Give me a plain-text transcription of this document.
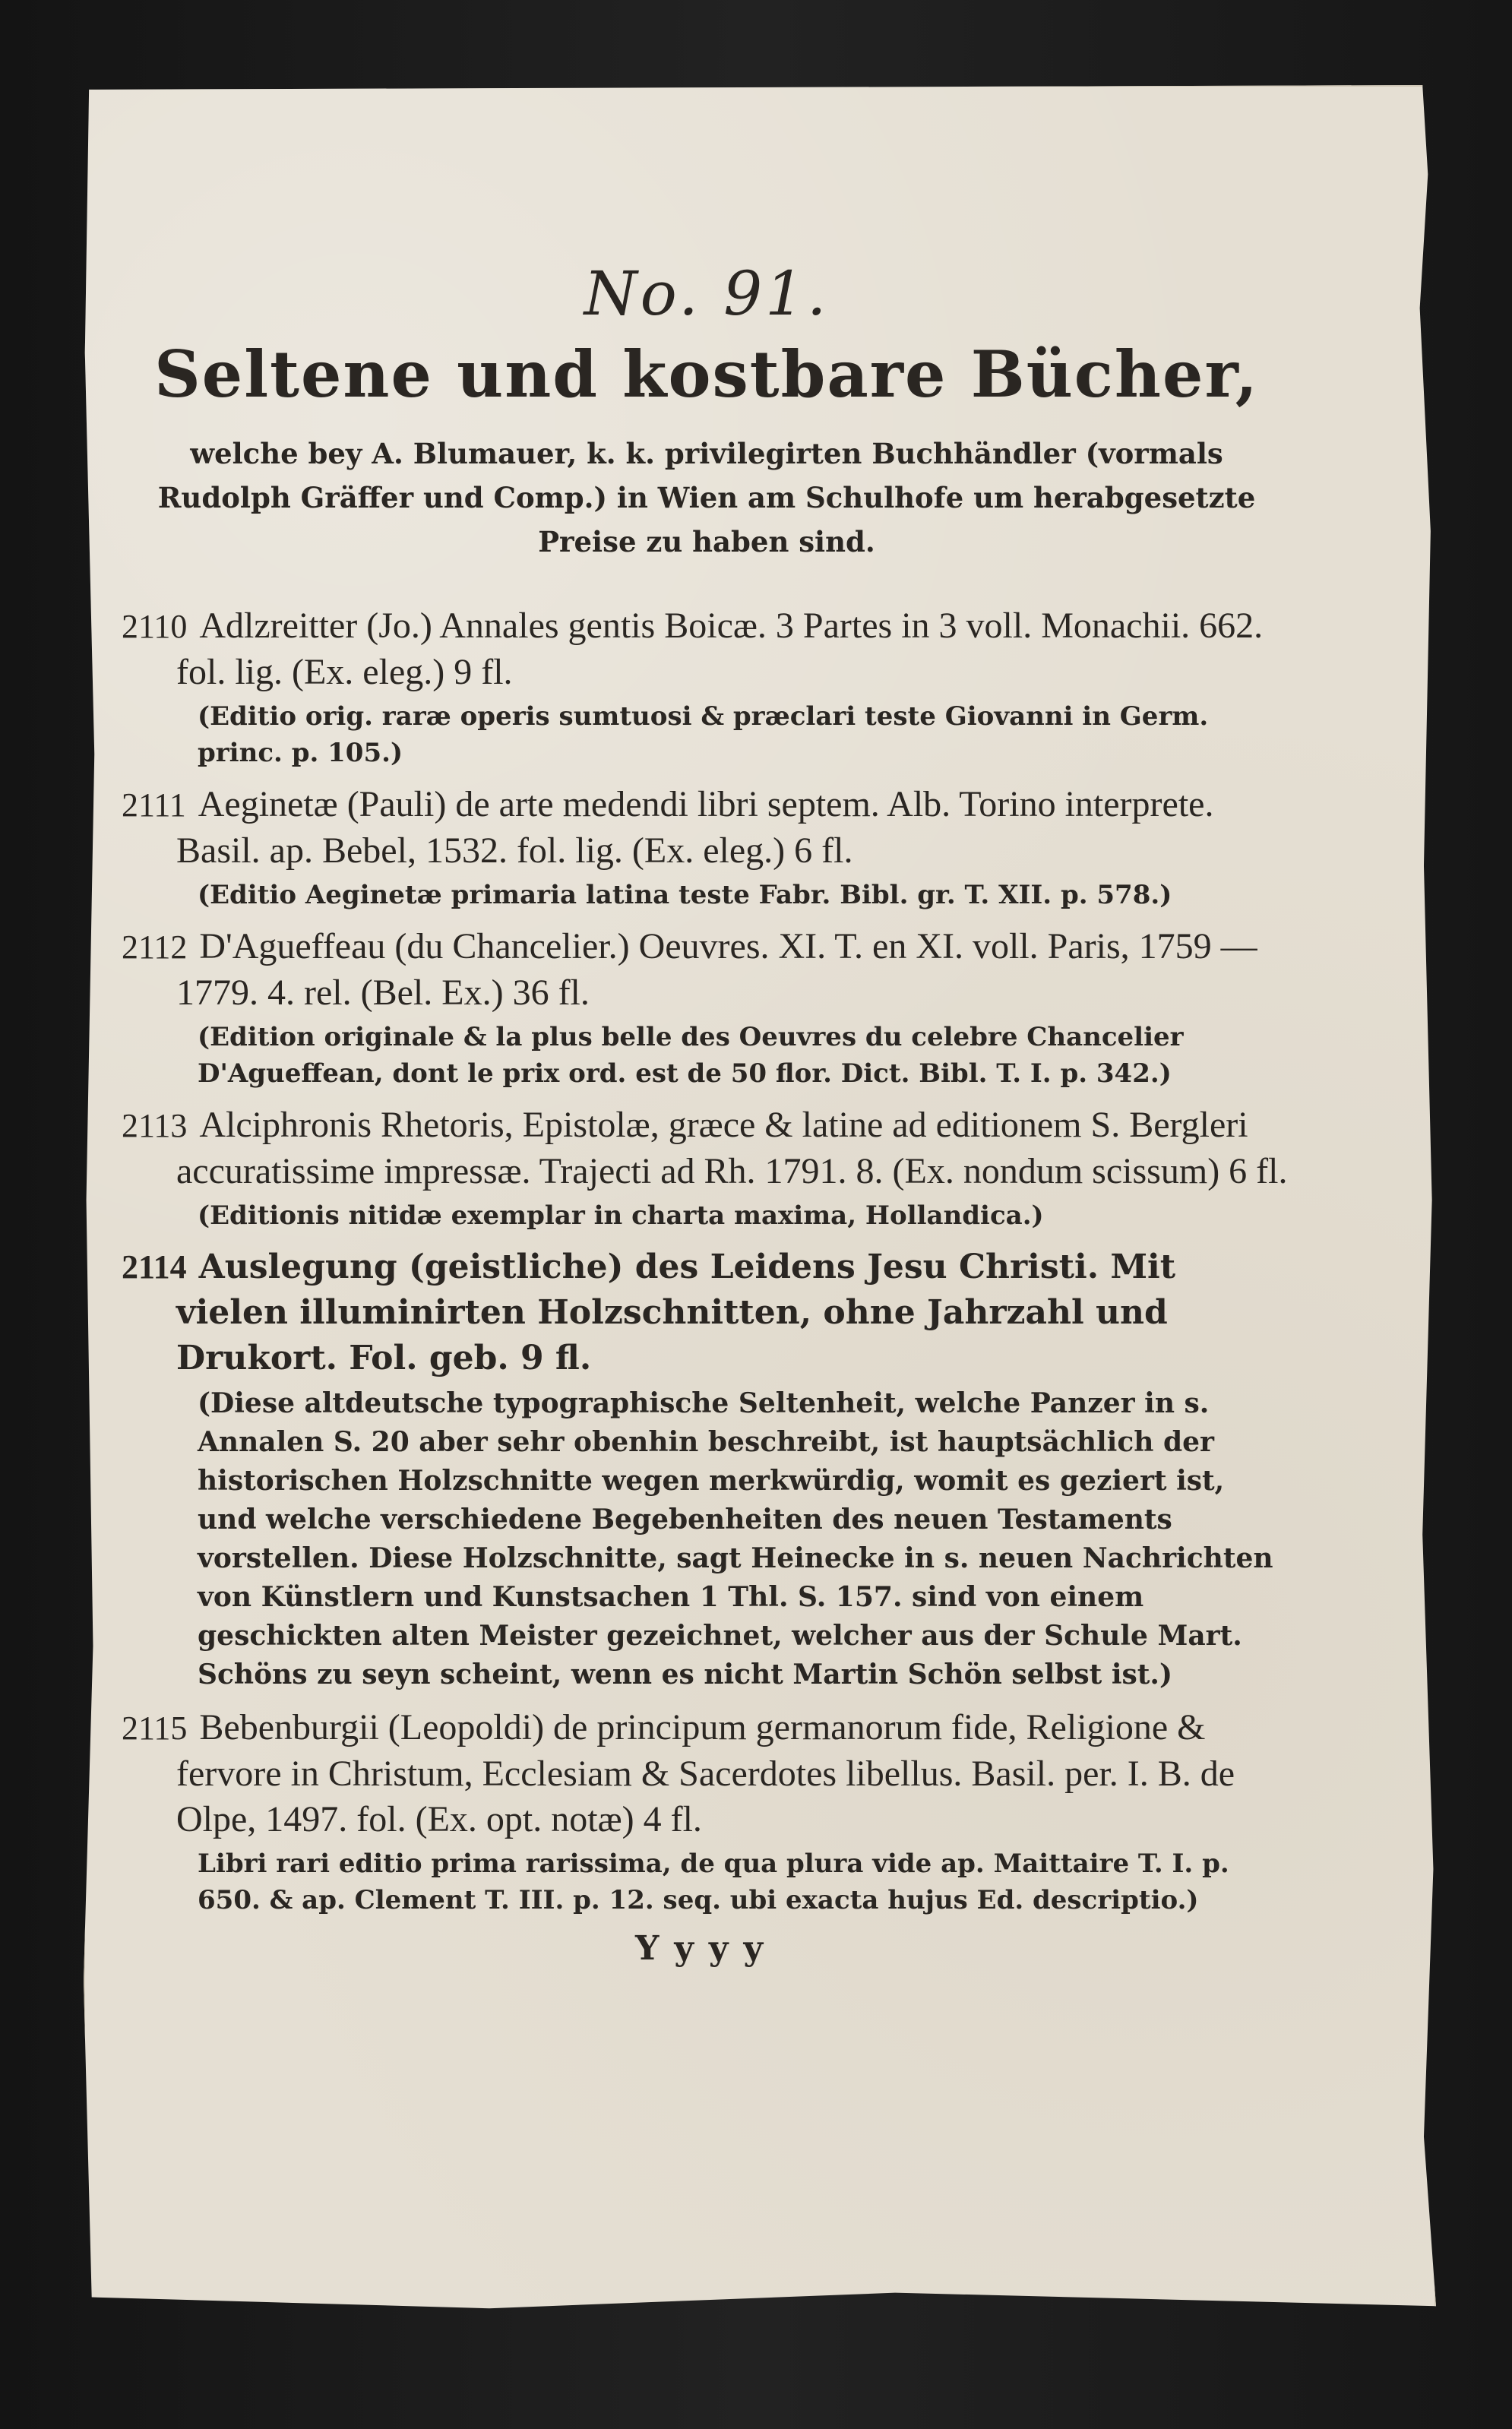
No. 91.
Seltene und kostbare Bücher,
welche bey A. Blumauer, k. k. privilegirten Buchhändler (vormals Rudolph Gräffer und Comp.) in Wien am Schulhofe um herabgesetzte Preise zu haben sind.
2110 Adlzreitter (Jo.) Annales gentis Boicæ. 3 Partes in 3 voll. Monachii. 662. fol. lig. (Ex. eleg.) 9 fl.
(Editio orig. raræ operis sumtuosi & præclari teste Giovanni in Germ. princ. p. 105.)
2111 Aeginetæ (Pauli) de arte medendi libri septem. Alb. Torino interprete. Basil. ap. Bebel, 1532. fol. lig. (Ex. eleg.) 6 fl.
(Editio Aeginetæ primaria latina teste Fabr. Bibl. gr. T. XII. p. 578.)
2112 D'Agueffeau (du Chancelier.) Oeuvres. XI. T. en XI. voll. Paris, 1759 — 1779. 4. rel. (Bel. Ex.) 36 fl.
(Edition originale & la plus belle des Oeuvres du celebre Chancelier D'Agueffean, dont le prix ord. est de 50 flor. Dict. Bibl. T. I. p. 342.)
2113 Alciphronis Rhetoris, Epistolæ, græce & latine ad editionem S. Bergleri accuratissime impressæ. Trajecti ad Rh. 1791. 8. (Ex. nondum scissum) 6 fl.
(Editionis nitidæ exemplar in charta maxima, Hollandica.)
2114 Auslegung (geistliche) des Leidens Jesu Christi. Mit vielen illuminirten Holzschnitten, ohne Jahrzahl und Drukort. Fol. geb. 9 fl.
(Diese altdeutsche typographische Seltenheit, welche Panzer in s. Annalen S. 20 aber sehr obenhin beschreibt, ist hauptsächlich der historischen Holzschnitte wegen merkwürdig, womit es geziert ist, und welche verschiedene Begebenheiten des neuen Testaments vorstellen. Diese Holzschnitte, sagt Heinecke in s. neuen Nachrichten von Künstlern und Kunstsachen 1 Thl. S. 157. sind von einem geschickten alten Meister gezeichnet, welcher aus der Schule Mart. Schöns zu seyn scheint, wenn es nicht Martin Schön selbst ist.)
2115 Bebenburgii (Leopoldi) de principum germanorum fide, Religione & fervore in Christum, Ecclesiam & Sacerdotes libellus. Basil. per. I. B. de Olpe, 1497. fol. (Ex. opt. notæ) 4 fl.
Libri rari editio prima rarissima, de qua plura vide ap. Maittaire T. I. p. 650. & ap. Clement T. III. p. 12. seq. ubi exacta hujus Ed. descriptio.)
Yyyy
